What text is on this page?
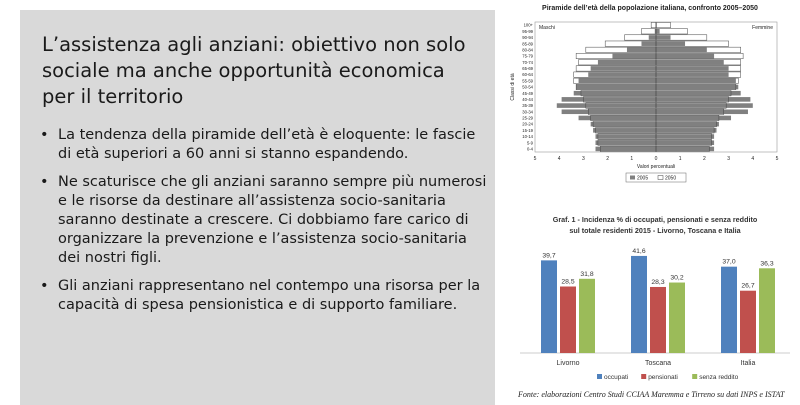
L’assistenza agli anziani: obiettivo non solo sociale ma anche opportunità economica per il territorio
• La tendenza della piramide dell’età è eloquente: le fascie di età superiori a 60 anni si stanno espandendo.
• Ne scaturisce che gli anziani saranno sempre più numerosi e le risorse da destinare all’assistenza socio-sanitaria saranno destinate a crescere. Ci dobbiamo fare carico di organizzare la prevenzione e l’assistenza socio-sanitaria dei nostri figli.
• Gli anziani rappresentano nel contempo una risorsa per la capacità di spesa pensionistica e di supporto familiare.
Piramide dell’età della popolazione italiana, confronto 2005–2050
Maschi	Femmine
100+
95-99
90-94
85-89
80-84
75-79
70-74
65-69
60-64
55-59
50-54
45-49
40-44
35-39
30-34
25-29
20-24
15-19
10-14
5-9
0-4
5	4	3	2	1	0	1	2	3	4	5
Valori percentuali
Classi di età
2005	2050
Graf. 1 - Incidenza % di occupati, pensionati e senza reddito
sul totale residenti 2015 - Livorno, Toscana e Italia
39,7
28,5
31,8
Livorno
41,6
28,3
30,2
Toscana
37,0
26,7
36,3
Italia
occupati	pensionati	senza reddito
Fonte: elaborazioni Centro Studi CCIAA Maremma e Tirreno su dati INPS e ISTAT
